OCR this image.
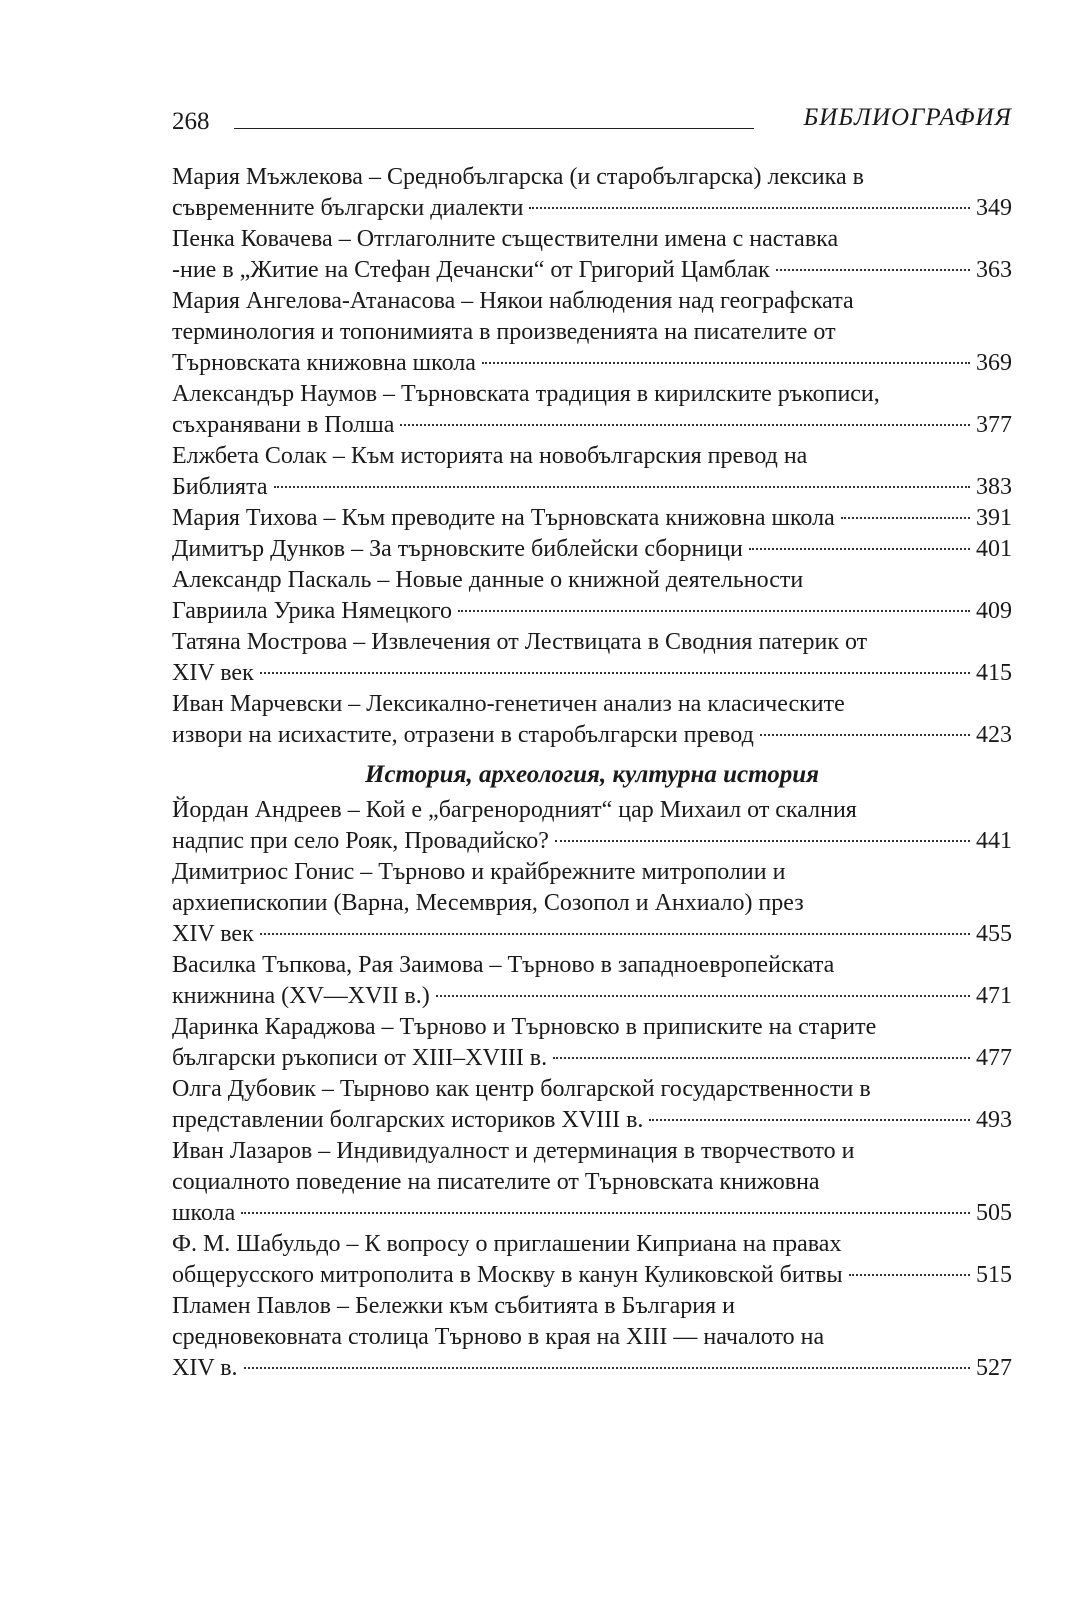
268	БИБЛИОГРАФИЯ
Мария Мъжлекова – Среднобългарска (и старобългарска) лексика в
съвременните български диалекти	349
Пенка Ковачева – Отглаголните съществителни имена с наставка
-ние в „Житие на Стефан Дечански“ от Григорий Цамблак	363
Мария Ангелова-Атанасова – Някои наблюдения над географската
терминология и топонимията в произведенията на писателите от
Търновската книжовна школа	369
Александър Наумов – Търновската традиция в кирилските ръкописи,
съхранявани в Полша	377
Елжбета Солак – Към историята на новобългарския превод на
Библията	383
Мария Тихова – Към преводите на Търновската книжовна школа	391
Димитър Дунков – За търновските библейски сборници	401
Александр Паскаль – Новые данные о книжной деятельности
Гавриила Урика Нямецкого	409
Татяна Мострова – Извлечения от Лествицата в Сводния патерик от
XIV век	415
Иван Марчевски – Лексикално-генетичен анализ на класическите
извори на исихастите, отразени в старобългарски превод	423
История, археология, културна история
Йордан Андреев – Кой е „багренородният“ цар Михаил от скалния
надпис при село Рояк, Провадийско?	441
Димитриос Гонис – Търново и крайбрежните митрополии и
архиепископии (Варна, Месемврия, Созопол и Анхиало) през
XIV век	455
Василка Тъпкова, Рая Заимова – Търново в западноевропейската
книжнина (XV—XVII в.)	471
Даринка Караджова – Търново и Търновско в приписките на старите
български ръкописи от XIII–XVIII в.	477
Олга Дубовик – Тырново как центр болгарской государственности в
представлении болгарских историков XVIII в.	493
Иван Лазаров – Индивидуалност и детерминация в творчеството и
социалното поведение на писателите от Търновската книжовна
школа	505
Ф. М. Шабульдо – К вопросу о приглашении Киприана на правах
общерусского митрополита в Москву в канун Куликовской битвы	515
Пламен Павлов – Бележки към събитията в България и
средновековната столица Търново в края на XIII — началото на
XIV в.	527
